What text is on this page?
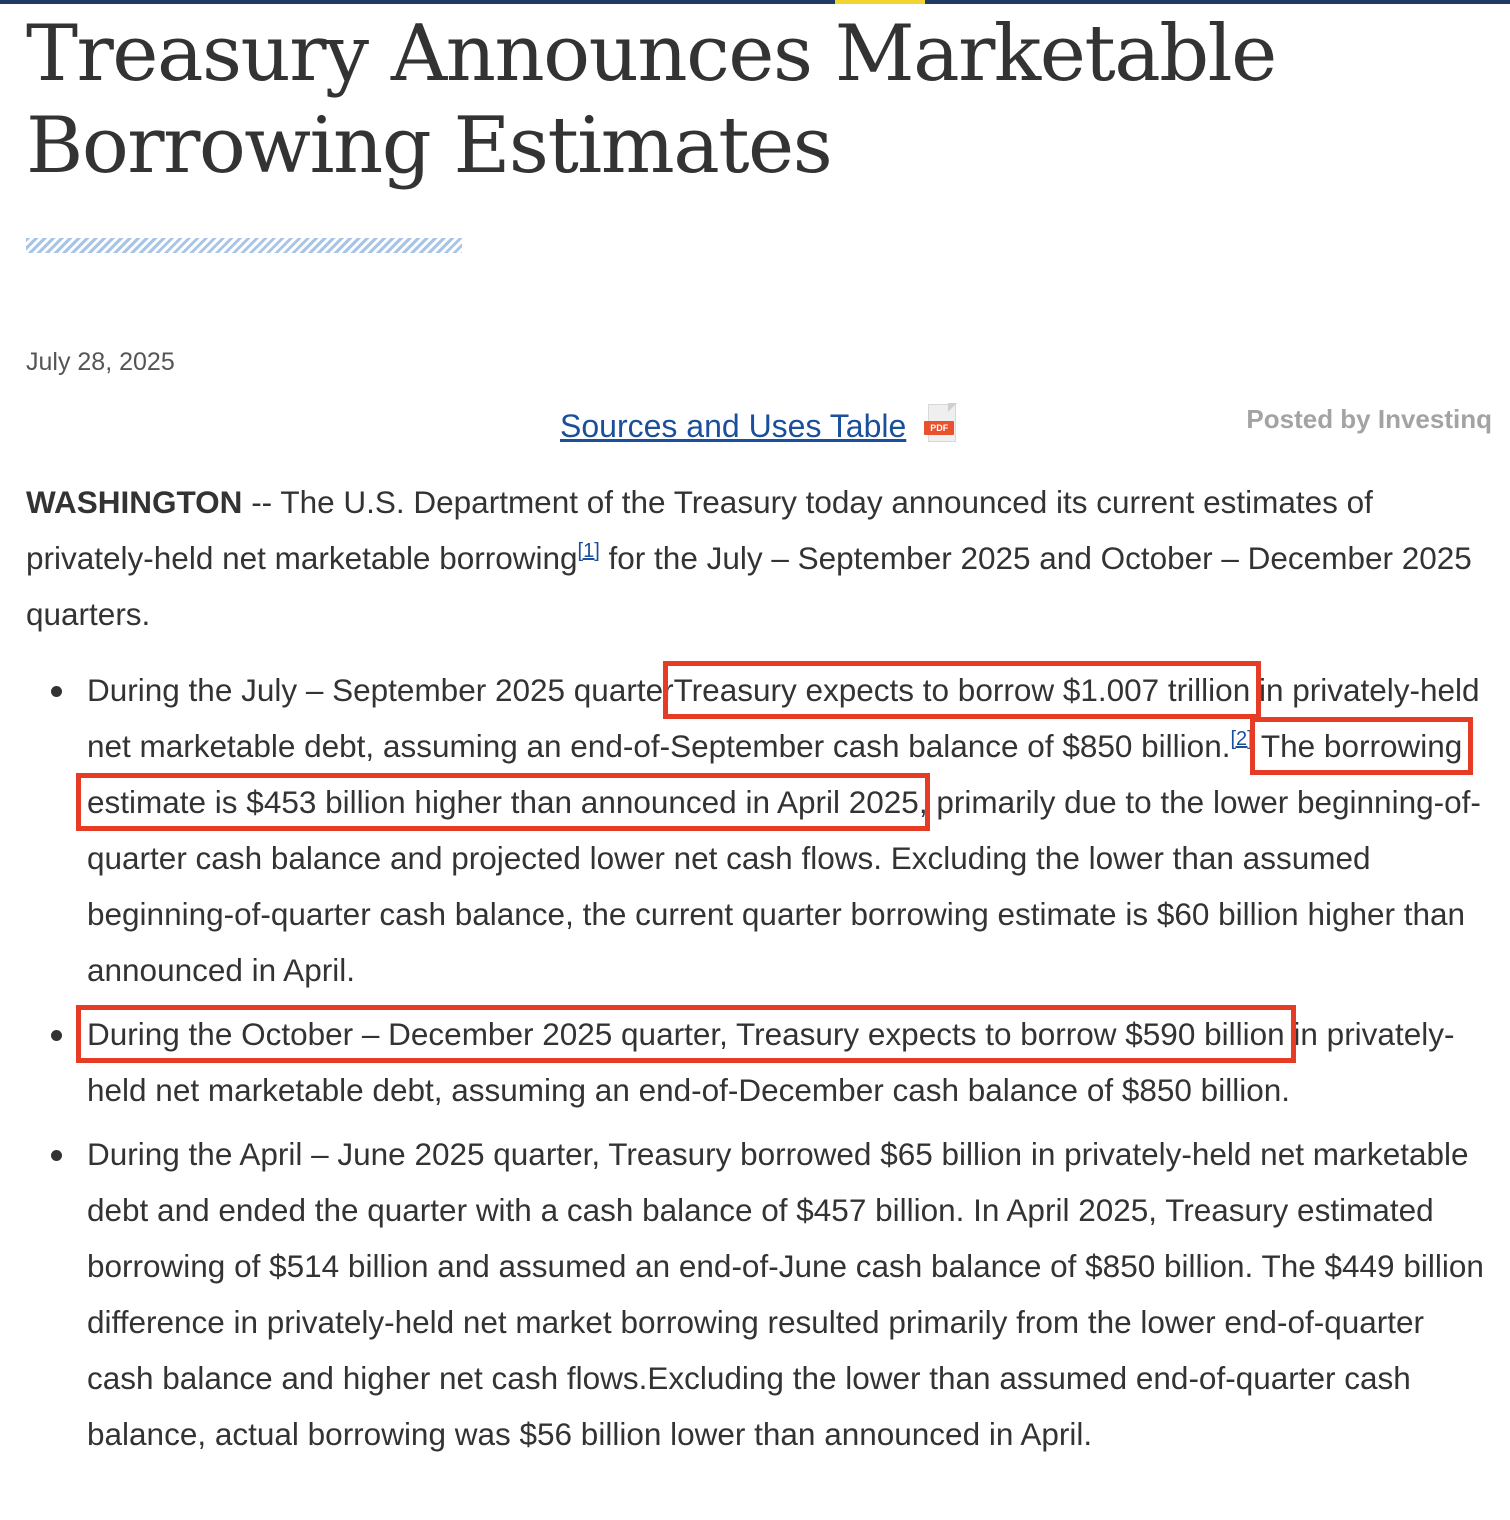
Treasury Announces Marketable
Borrowing Estimates
July 28, 2025
Sources and Uses Table	PDF	Posted by Investinq

WASHINGTON -- The U.S. Department of the Treasury today announced its current estimates of privately-held net marketable borrowing[1] for the July – September 2025 and October – December 2025 quarters.

During the July – September 2025 quarterTreasury expects to borrow $1.007 trillion in privately-held net marketable debt, assuming an end-of-September cash balance of $850 billion.[2] The borrowing estimate is $453 billion higher than announced in April 2025, primarily due to the lower beginning-of-quarter cash balance and projected lower net cash flows. Excluding the lower than assumed beginning-of-quarter cash balance, the current quarter borrowing estimate is $60 billion higher than announced in April.
During the October – December 2025 quarter, Treasury expects to borrow $590 billion in privately-held net marketable debt, assuming an end-of-December cash balance of $850 billion.
During the April – June 2025 quarter, Treasury borrowed $65 billion in privately-held net marketable debt and ended the quarter with a cash balance of $457 billion. In April 2025, Treasury estimated borrowing of $514 billion and assumed an end-of-June cash balance of $850 billion. The $449 billion difference in privately-held net market borrowing resulted primarily from the lower end-of-quarter cash balance and higher net cash flows.Excluding the lower than assumed end-of-quarter cash balance, actual borrowing was $56 billion lower than announced in April.
